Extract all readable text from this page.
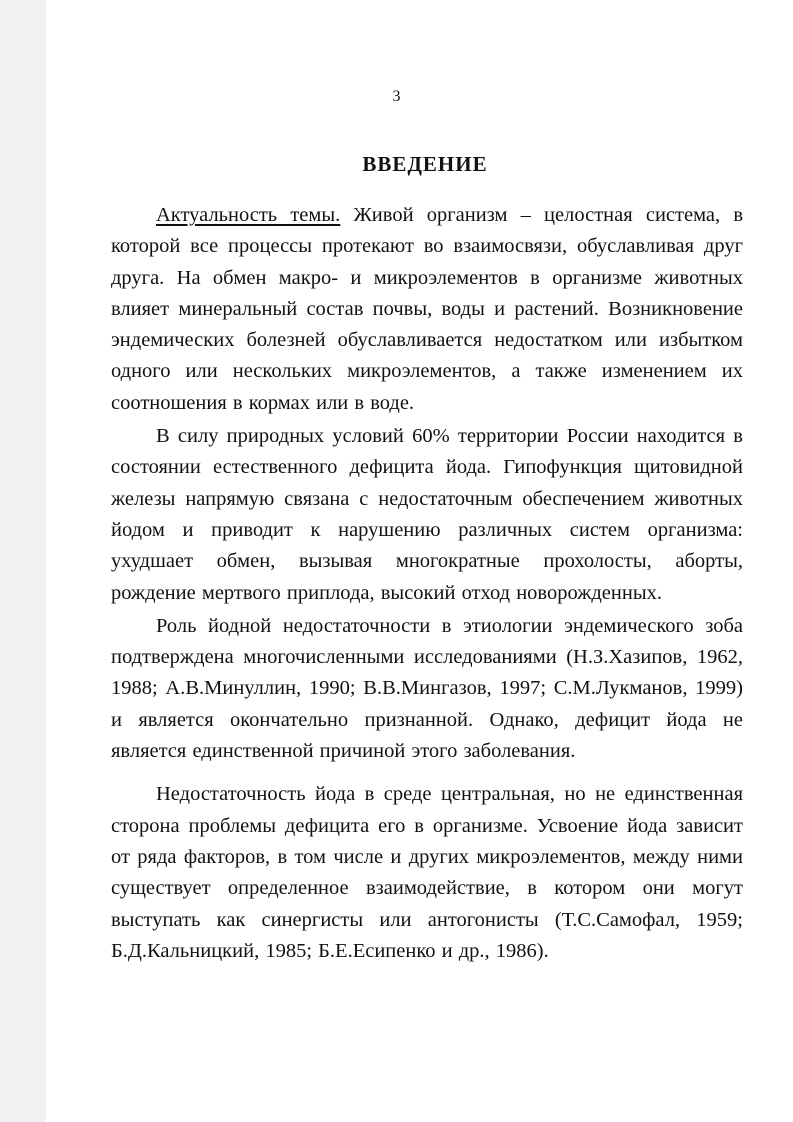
3
ВВЕДЕНИЕ

Актуальность темы. Живой организм – целостная система, в которой все процессы протекают во взаимосвязи, обуславливая друг друга. На обмен макро- и микроэлементов в организме животных влияет минеральный состав почвы, воды и растений. Возникновение эндемических болезней обуславливается недостатком или избытком одного или нескольких микроэлементов, а также изменением их соотношения в кормах или в воде.

В силу природных условий 60% территории России находится в состоянии естественного дефицита йода. Гипофункция щитовидной железы напрямую связана с недостаточным обеспечением животных йодом и приводит к нарушению различных систем организма: ухудшает обмен, вызывая многократные прохолосты, аборты, рождение мертвого приплода, высокий отход новорожденных.

Роль йодной недостаточности в этиологии эндемического зоба подтверждена многочисленными исследованиями (Н.З.Хазипов, 1962, 1988; А.В.Минуллин, 1990; В.В.Мингазов, 1997; С.М.Лукманов, 1999) и является окончательно признанной. Однако, дефицит йода не является единственной причиной этого заболевания.

Недостаточность йода в среде центральная, но не единственная сторона проблемы дефицита его в организме. Усвоение йода зависит от ряда факторов, в том числе и других микроэлементов, между ними существует определенное взаимодействие, в котором они могут выступать как синергисты или антогонисты (Т.С.Самофал, 1959; Б.Д.Кальницкий, 1985; Б.Е.Есипенко и др., 1986).
